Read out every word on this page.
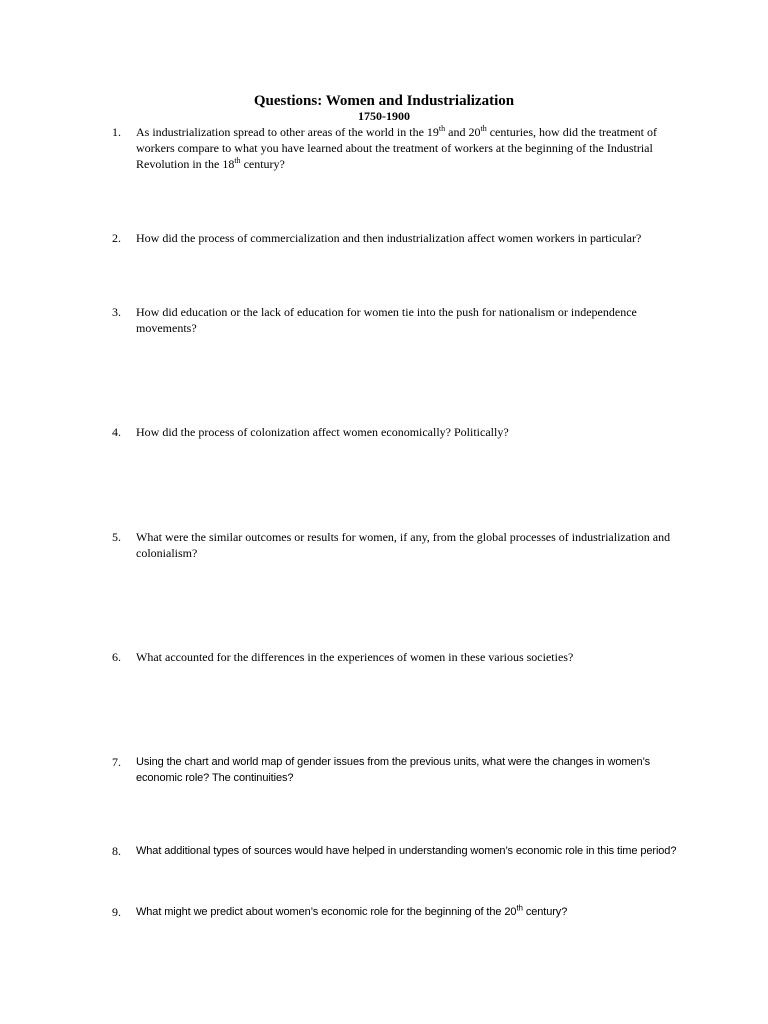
Questions: Women and Industrialization
1750-1900
1.	As industrialization spread to other areas of the world in the 19th and 20th centuries, how did the treatment of workers compare to what you have learned about the treatment of workers at the beginning of the Industrial Revolution in the 18th century?
2.	How did the process of commercialization and then industrialization affect women workers in particular?
3.	How did education or the lack of education for women tie into the push for nationalism or independence movements?
4.	How did the process of colonization affect women economically? Politically?
5.	What were the similar outcomes or results for women, if any, from the global processes of industrialization and colonialism?
6.	What accounted for the differences in the experiences of women in these various societies?
7.	Using the chart and world map of gender issues from the previous units, what were the changes in women’s economic role? The continuities?
8.	What additional types of sources would have helped in understanding women’s economic role in this time period?
9.	What might we predict about women’s economic role for the beginning of the 20th century?
